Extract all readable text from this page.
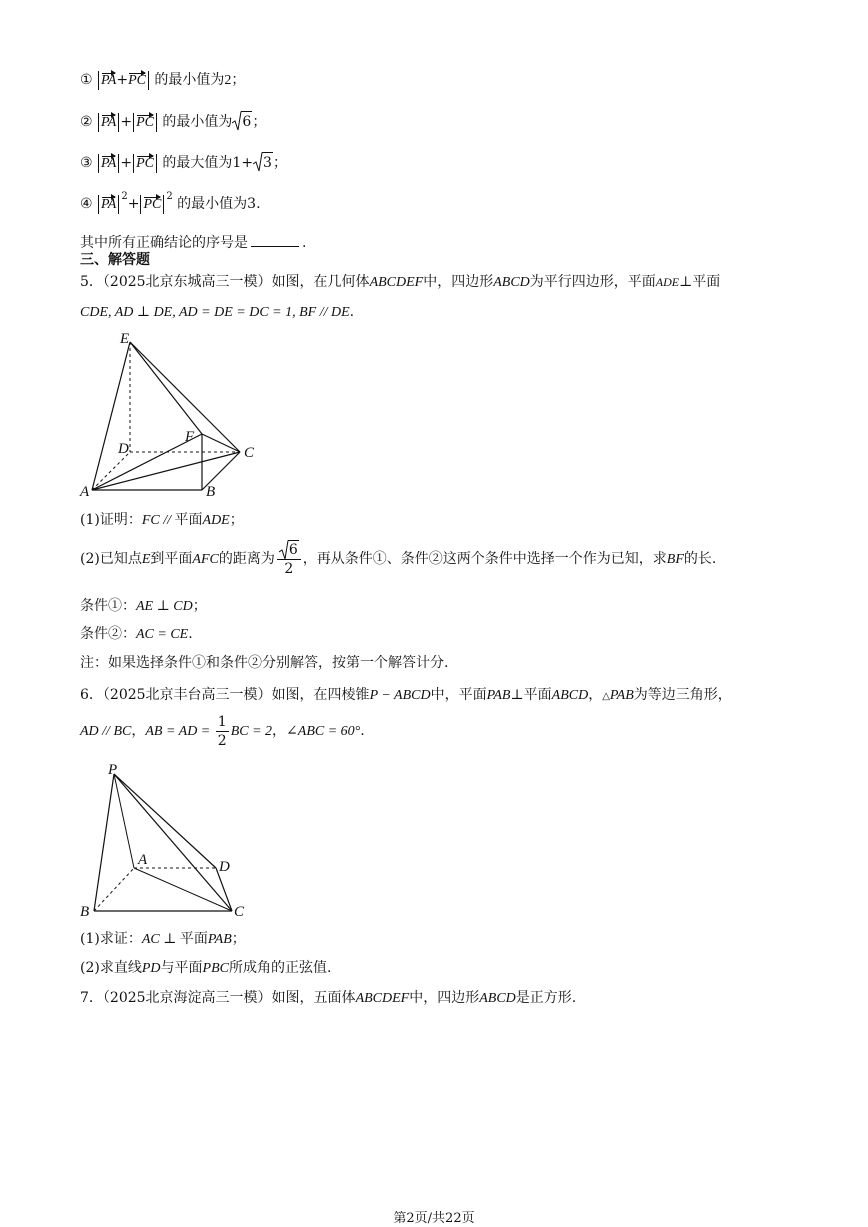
① PA+PC 的最小值为2；
② PA + PC 的最小值为 6；
③ PA + PC 的最大值为1+ 3；
④ $PA^2+ PC^2$ 的最小值为3.
其中所有正确结论的序号是	.
三、解答题
5．（2025北京东城高三一模）如图，在几何体ABCDEF中，四边形ABCD为平行四边形，平面ADE⊥平面
CDE, AD ⊥ DE, AD = DE = DC = 1, BF // DE.
E
D
F
C
A	B
(1)证明：FC // 平面ADE；
(2)已知点E到平面AFC的距离为 $\frac{6}{2}$ ，再从条件①、条件②这两个条件中选择一个作为已知，求BF的长.
条件①：AE ⊥ CD；
条件②：AC = CE.
注：如果选择条件①和条件②分别解答，按第一个解答计分.
6．（2025北京丰台高三一模）如图，在四棱锥P − ABCD中，平面PAB⊥平面ABCD，△PAB为等边三角形，
AD // BC，AB = AD = $\frac{1}{2}$ BC = 2，∠ABC = 60°.
P
A	D
B	C
(1)求证：AC ⊥ 平面PAB；
(2)求直线PD与平面PBC所成角的正弦值.
7．（2025北京海淀高三一模）如图，五面体ABCDEF中，四边形ABCD是正方形.
第2页/共22页
